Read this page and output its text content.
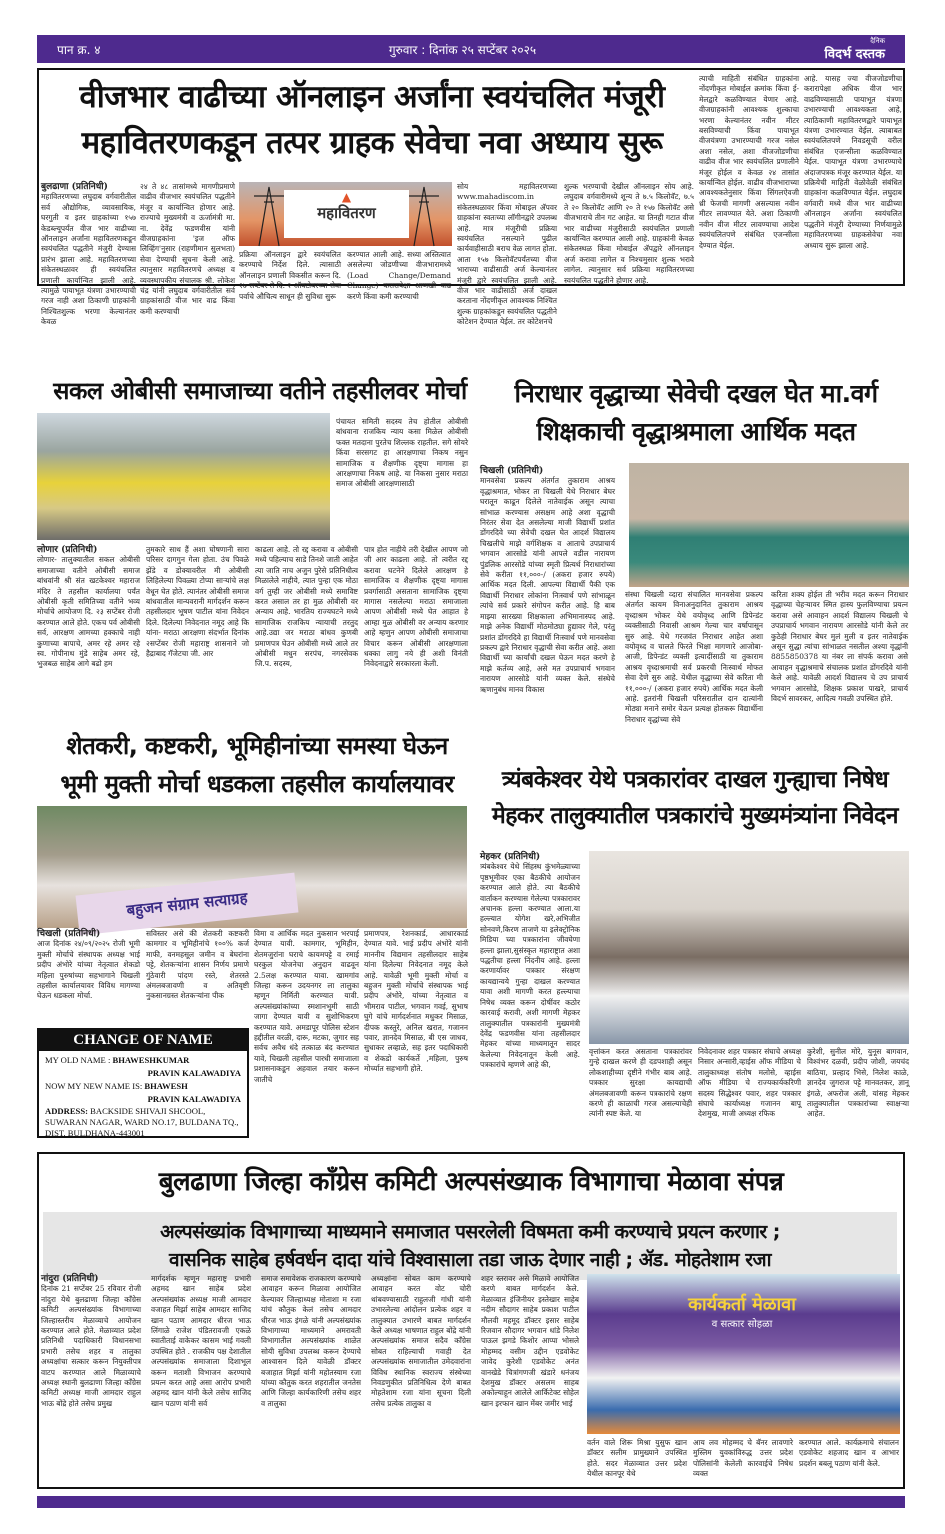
पान क्र. ४	गुरुवार : दिनांक २५ सप्टेंबर २०२५
दैनिक
विदर्भ दस्तक
वीजभार वाढीच्या ऑनलाइन अर्जांना स्वयंचलित मंजूरी
महावितरणकडून तत्पर ग्राहक सेवेचा नवा अध्याय सुरू
बुलढाणा (प्रतिनिधी)
महावितरणच्या लघुदाब वर्गवारीतील सर्व औद्योगिक, व्यावसायिक, घरगुती व इतर ग्राहकांच्या १५७ केडब्ल्यूपर्यंत वीज भार वाढीच्या ऑनलाइन अर्जांना महावितरणकडून स्वयंचलित पद्धतीने मंजुरी देण्यास प्रारंभ झाला आहे. महावितरणच्या संकेतस्थळावर ही स्वयंचलित प्रणाली कार्यान्वित झाली आहे. त्यामुळे पायाभूत यंत्रणा उभारण्याची गरज नाही अशा ठिकाणी ग्राहकांनी निश्चितशुल्क भरणा केल्यानंतर केवळ
२४ ते ४८ तासांमध्ये मागणीप्रमाणे वाढीव वीजभार स्वयंचलित पद्धतीने मंजूर व कार्यान्वित होणार आहे. राज्याचे मुख्यमंत्री व ऊर्जामंत्री मा. ना. देवेंद्र फडणवीस यांनी वीजग्राहकांना 'इज ऑफ लिव्हिंग'नुसार (राहणीमान सुलभता) सेवा देण्याची सूचना केली आहे. त्यानुसार महावितरणचे अध्यक्ष व व्यवस्थापकीय संचालक श्री. लोकेश चंद्र यांनी लघुदाब वर्गवारीतील सर्व ग्राहकांसाठी वीज भार वाढ किंवा कमी करण्याची
▲
महावितरण
प्रक्रिया ऑनलाइन द्वारे स्वयंचलित करण्याचे निर्देश दिले. त्यासाठी ऑनलाइन प्रणाली विकसीत करून दि. १७ सप्टेंबर ते दि. २ ऑक्टोबरच्या सेवा पर्वाचे औचित्य साधून ही सुविधा सुरू
करण्यात आली आहे. सध्या अस्तित्वात असलेल्या जोडणीच्या वीजभारामध्ये (Load Change/Demand Change) करारापेक्षा आणखी वाढ करणे किंवा कमी करण्याची
सोय महावितरणच्या www.mahadiscom.in संकेतस्थळावर किंवा मोबाइल ॲपवर ग्राहकांना स्वतःच्या लॉगीनद्वारे उपलब्ध आहे. मात्र मंजूरीची प्रक्रिया स्वयंचलित नसल्याने पुढील कार्यवाहीसाठी बराच वेळ लागत होता. आता १५७ किलोवॅटपर्यंतच्या वीज भाराच्या वाढीसाठी अर्ज केल्यानंतर मंजूरी द्वारे स्वयंचलित झाली आहे. वीज भार वाढीसाठी अर्ज दाखल करताना नोंदणीकृत आवश्यक निश्चित शुल्क ग्राहकांकडून स्वयंचलित पद्धतीने कोटेशन देण्यात येईल. तर कोटेशनचे
शुल्क भरण्याची देखील ऑनलाइन सोय आहे. लघुदाब वर्गवारीमध्ये शून्य ते ७.५ किलोवॅट, ७.५ ते २० किलोवॅट आणि २० ते १५७ किलोवॅट असे वीजभाराचे तीन गट आहेत. या तिनही गटात वीज भार वाढीच्या मंजुरीसाठी स्वयंचलित प्रणाली कार्यान्वित करण्यात आली आहे. ग्राहकांनी केवळ संकेतस्थळ किंवा मोबाईल ॲपद्वारे ऑनलाइन अर्ज करावा लागेल व निश्चमुसार शुल्क भरावे लागेल. त्यानुसार सर्व प्रक्रिया महावितरणच्या स्वयंचलित पद्धतीने होणार आहे.
त्याची माहिती संबंधित ग्राहकांना नोंदणीकृत मोबाईल क्रमांक किंवा ई-मेलद्वारे कळविण्यात येणार आहे. वीजग्राहकांनी आवश्यक शुल्काचा भरणा केल्यानंतर नवीन मीटर बसविण्याची किंवा पायाभूत वीजयंत्रणा उभारण्याची गरज नसेल अशा नसेल, अशा वीजजोडणीचा वाढीव वीज भार स्वयंचलित प्रणालीने मंजूर होईल व केवळ २४ तासांत कार्यान्वित होईल. वाढीव वीजभाराच्या आवश्यकतेनुसार किंवा सिंगलऐवजी थ्री फेजची मागणी असल्यास नवीन मीटर लावण्यात येते. अशा ठिकाणी नवीन वीज मीटर लावण्याचा आदेश स्वयंचलितपणे संबंधित एजन्सीला देण्यात येईल.
आहे. यासह ज्या वीजजोडणीचा करारापेक्षा अधिक वीज भार वाढविण्यासाठी पायाभूत यंत्रणा उभारण्याची आवश्यकता आहे, त्याठिकाणी महावितरणद्वारे पायाभूत यंत्रणा उभारण्यात येईल. त्याबाबत स्वयंचलितपणे निवडसूची वरील संबंधित एजन्सीला कळविण्यात येईल. पायाभूत यंत्रणा उभारण्याचे अंदाजपत्रक मंजूर करण्यात येईल. या प्रक्रियेची माहिती वेळोवेळी संबंधित ग्राहकांना कळविण्यात येईल. लघुदाब वर्गवारी मध्ये वीज भार वाढीच्या ऑनलाइन अर्जांना स्वयंचलित पद्धतीने मंजूरी देण्याच्या निर्णयामुळे महावितरणच्या ग्राहकसेवेचा नवा अध्याय सुरू झाला आहे.
सकल ओबीसी समाजाच्या वतीने तहसीलवर मोर्चा
पंचायत समिती सदस्य तेच होतील ओबीसी बांधवाना राजकिय न्याय कसा मिळेल ओबीसी फक्त मतदाना पुरतेच शिल्लक राहतील. सगे सोयरे किंवा सरसगट हा आरक्षणाचा निकष नसुन सामाजिक व शैक्षणीक दृष्ट्या मागास हा आरक्षणाचा निकष आहे. या निकसा नुसार मराठा समाज ओबीसी आरक्षणासाठी
लोणार (प्रतिनिधी)
लोणार- तालुक्यातील सकल ओबीसी समाजाच्या वतीने ओबीसी समाज बांधवांनी श्री संत खटकेश्वर महाराज मंदिर ते तहसील कार्यालया पर्यंत ओबीसी कृती समितिच्या वतीने भव्य मोर्चाचे आयोजण दि. २३ सप्टेंबर रोजी करण्यात आले होते. एकच पर्व ओबीसी सर्व, आरक्षण आमच्या हक्काचे नाही कुणाच्या बापाचे, अमर रहे अमर रहे स्व. गोपीनाथ मुंडे साहेब अमर रहे, भुजबळ साहेब आगे बढो हम
तुमकारे साथ हैं अशा घोषणानी सारा परिसर दागगुन गेला होता. उंच पिवळे झेंडे व डोक्यावरील मी ओबीसी लिहिलेल्या पिवळ्या टोप्या साऱ्यांचे लक्ष वेधून घेत होते. त्यानंतर ओबीसी समाज बांधवातील मान्यवरानी मार्गदर्शन करून तहसीलदार भूषण पाटील यांना निवेदन दिले. दिलेल्या निवेदनात नमूद आहे कि यांना- मराठा आरक्षणा संदर्भात दिनांक २सप्टेंबर रोजी महाराष्ट्र शासनाने जो हैद्राबाद गॅजेटचा जी. आर
काढला आहे. तो रद्द करावा व ओबीसी मध्ये पहिल्याच साडे तिनशे जाती आहेत त्या जाति नाच अजुन पुरेसे प्रतिनिधीत्व मिळालेले नाहीये, त्यात पुन्हा एक मोठा वर्ग तुम्ही जर ओबीसी मध्ये समाविष्ट करत असाल तर हा मुळ ओबीसी वर अन्याय आहे. भारतिय राज्यघटने मध्ये सामाजिक राजकिय न्यायाची तरतुद आहे.उद्या जर मराठा बांधव कुणबी प्रमाणपत्र घेउन ओबीसी मध्ये आले तर ओबीसी मधुन सरपंच, नगरसेवक जि.प. सदस्य,
पात्र होत नाहीये तरी देखील आपण जो जी आर काढला आहे. तो त्वरीत रद्द करावा घटनेने दिलेले आरक्षण हे सामाजिक व शैक्षणीक दृष्ट्या मागास प्रवर्गासाठी असताना सामाजिक दृष्ट्या मागास नसलेल्या मराठा समाजाला आपण ओबीसी मध्ये घेत आहात हे आम्हा मुळ ओबीसी वर अन्याय करणार आहे म्हणुन आपण ओबीसी समाजाचा विचार करून ओबीसी आरक्षणाला धक्का लागु नये ही अशी विनंती निवेदनाद्वारे सरकारला केली.
निराधार वृद्धाच्या सेवेची दखल घेत मा.वर्ग
शिक्षकाची वृद्धाश्रमाला आर्थिक मदत
चिखली (प्रतिनिधी)
मानवसेवा प्रकल्प अंतर्गत तुकाराम आश्रय वृद्धाश्रमात, भोकर ता चिखली येथे निराधार बेघर घरातून काढून दिलेले नातेवाईक असून त्याचा सांभाळ करण्यास असक्षम आहे अशा वृद्धाची निरंतर सेवा देत असलेल्या माजी विद्यार्थी प्रशांत डोंगरदिवे च्या सेवेची दखल घेत आदर्श विद्यालय चिखलीचे माझे वर्गशिक्षक व आताचे उपप्राचार्य भगवान आरसोडे यांनी आपले वडील नारायण पुंडलिक आरसोडे यांच्या स्मृती प्रित्यर्थ निराधारांच्या सेवे करीता ११,०००-/ (अकरा हजार रुपये) आर्थिक मदत दिली. आपल्या विद्यार्थी पैकी एक विद्यार्थी निराधार लोकांना निःस्वार्थ पणे सांभाळून त्यांचे सर्व प्रकारे संगोपन करीत आहे. हि बाब माझ्या सारख्या शिक्षकाला अभिमानास्पद आहे. माझे अनेक विद्यार्थी मोठमोठ्या हुद्यावर गेले, परंतु प्रशांत डोंगरदिवे हा विद्यार्थी निःस्वार्थ पणे मानवसेवा प्रकल्प द्वारे निराधार वृद्धाची सेवा करीत आहे. अशा विद्यार्थी च्या कार्यांची दखल घेऊन मदत करणे हे माझे कर्तव्य आहे, असे मत उपप्राचार्य भगवान नारायण आरसोडे यांनी व्यक्त केले. संस्थेचे ऋणानुबंध मानव विकास
संस्था चिखली व्दारा संचालित मानवसेवा प्रकल्प अंतर्गत कायम विनाअनुदानित तुकाराम आश्रय वृध्दाश्रम भोकर येथे वयोवृध्द आणि डिपेन्डंट व्यक्तीसाठी निवासी आश्रम गेल्या चार वर्षापासून सुरु आहे. येथे गरजवंत निराधार आहेत अशा वयोवृध्द व चालते फिरते भिक्षा मागणारे आजोबा-आजी, डिपेन्डंट व्यक्ती इत्यादींसाठी या तुकाराम आश्रय वृध्दाश्रमाची सर्व प्रकरची निःस्वार्थ मोफत सेवा देणे सुरु आहे. येथील वृद्धाच्या सेवे करिता मी ११,०००-/ (अकरा हजार रुपये) आर्थिक मदत केली आहे. इतरांनी चिखली परिसरातील दान दात्यांनी मोठ्या मनाने समोर येऊन प्रत्यक्ष होतकरू विद्यार्थीना निराधार वृद्धांच्या सेवे
करिता शक्य होईल ती भरीव मदत करून निराधार वृद्धाच्या चेहऱ्यावर स्मित हास्य फुलविण्याचा प्रयत्न करावा असे आवाहन आदर्श विद्यालय चिखली चे उपप्राचार्य भगवान नारायण आरसोडे यांनी केले तर कुठेही निराधार बेघर मुलं मुली व इतर नातेवाईक असून सुद्धा त्यांचा सांभाळत नसतील अश्या वृद्धांनी 8855850378 या नंबर ला संपर्क करावा असे आवाहन वृद्धाश्रमाचे संचालक प्रशांत डोंगरदिवे यांनी केले आहे. यावेळी आदर्श विद्यालय चे उप प्राचार्य भगवान आरसोडे, शिक्षक प्रकाश पाखरे, प्राचार्य विदर्भ सावरकर, आदित्य गवळी उपस्थित होते.
शेतकरी, कष्टकरी, भूमिहीनांच्या समस्या घेऊन
भूमी मुक्ती मोर्चा धडकला तहसील कार्यालयावर
बहुजन संग्राम सत्याग्रह
चिखली (प्रतिनिधी)
आज दिनांक २४/०९/२०२५ रोजी भूमी मुक्ती मोर्चाचे संस्थापक अध्यक्ष भाई प्रदीप अंभोरे यांच्या नेतृत्वात शेकडो महिला पुरुषांच्या सहभागाने चिखली तहसील कार्यालयावर विविध मागण्या घेऊन धडकला मोर्चा.
सविस्तर असे की शेतकरी कष्टकरी कामगार व भूमिहीनांचे १००% कर्ज माफी, वनमहसूल जमीन व बेघरांना पट्टे, शेतकऱ्यांना शासन निर्णय प्रमाणे गुंठेवारी पांदण रस्ते, शेतरस्ते अंमलबजावणी व अतिवृष्टी नुकसानग्रस्त शेतकऱ्यांना पीक
विमा व आर्थिक मदत नुकसान भरपाई देण्यात यावी. कामगार, भूमिहीन, शेतमजुरांना घराचे कायमपट्टे व रमाई घरकुल योजनेचा अनुदान वाढवून 2.5लक्ष करण्यात यावा. खामगांव जिल्हा करून उदयनगर ला तालुका म्हणून निर्मिती करण्यात यावी. अल्पसंख्यांकांच्या स्मशानभूमी साठी जागा देण्यात यावी व सुशोभिकरण करण्यात यावे. अमडापूर पोलिस स्टेशन हद्दीतील वरळी, दारू, मटका, जुगार सह सर्वच अवैध धंदे तत्काळ बंद करण्यात यावे, चिखली तहसील पारधी समाजाला प्रशासनाकडून अहवाल तयार करून जातीचे
प्रमाणपत्र, रेशनकार्ड, आधारकार्ड देण्यात यावे. भाई प्रदीप अंभोरे यांनी माननीय विद्यमान तहसीलदार साहेब यांना दिलेल्या निवेदनात नमूद केले आहे. यावेळी भूमी मुक्ती मोर्चा व बहुजन मुक्ती मोर्चाचे संस्थापक भाई प्रदीप अंभोरे, यांच्या नेतृत्वात व भीमराव पाटील, भगवान गवई, सुभाष घुगे यांचे मार्गदर्शनात मधुकर मिसाळ, दीपक कस्तुरे, अनिल खरात, गजानन पवार, ज्ञानदेव मिसाळ, बी एस जाधव, सुधाकर लव्हाळे, सह इतर पदाधिकारी व शेकडो कार्यकर्ते ,महिला, पुरुष मोर्च्यात सहभागी होते.
CHANGE OF NAME
MY OLD NAME : BHAWESHKUMAR
PRAVIN KALAWADIYA
NOW MY NEW NAME IS: BHAWESH
PRAVIN KALAWADIYA
ADDRESS: BACKSIDE SHIVAJI SHCOOL, SUWARAN NAGAR, WARD NO.17, BULDANA TQ., DIST. BULDHANA-443001
त्र्यंबकेश्वर येथे पत्रकारांवर दाखल गुन्ह्याचा निषेध
मेहकर तालुक्यातील पत्रकारांचे मुख्यमंत्र्यांना निवेदन
मेहकर (प्रतिनिधी)
त्र्यंबकेश्वर येथे सिंहस्थ कुंभमेळ्याच्या पृष्ठभूमीवर एका बैठकीचे आयोजन करण्यात आले होते. त्या बैठकीचे वार्तांकन करण्यास गेलेल्या पत्रकारावर अचानक हल्ला करण्यात आला.या हल्ल्यात योगेश खरे,अभिजीत सोनवणे,किरण ताजणे या इलेक्ट्रोनिक मिडिया च्या पत्रकारांना जीवघेणा हल्ला झाला,सुसंस्कृत महाराष्ट्रात अशा पद्धतीचा हल्ला निंदनीय आहे. हल्ला करणार्यावर पत्रकार संरक्षण कायद्यान्वये गुन्हा दाखल करण्यात यावा अशी मागणी करत हल्ल्याचा निषेध व्यक्त करून दोषींवर कठोर कारवाई करावी, अशी मागणी मेहकर तालुक्यातील पत्रकारांनी मुख्यमंत्री देवेंद्र फडणवीस यांना तहसीलदार मेहकर यांच्या माध्यमातून सादर केलेल्या निवेदनातून केली आहे. पत्रकारांचे म्हणणे आहे की,
वृत्तांकन करत असताना पत्रकारांवर गुन्हे दाखल करणे ही दडपशाही असून लोकशाहीच्या दृष्टीने गंभीर बाब आहे. पत्रकार सुरक्षा कायद्याची अंमलबजावणी करून पत्रकारांचे रक्षण करणे ही काळाची गरज असल्याचेही त्यांनी स्पष्ट केले. या
निवेदनावर शहर पत्रकार संघाचे अध्यक्ष निसार अन्सारी,व्हाईस ऑफ मीडिया चे तालुकाध्यक्ष संतोष मलोसे, व्हाईस ऑफ मीडिया चे राज्यकार्यकरिणी सदस्य सिद्धेश्वर पवार, शहर पत्रकार संघाचे कार्याध्यक्ष गजानन बापू देशमुख, माजी अध्यक्ष रफिक
कुरेशी, सुनील मोरे, युनूस बागवान, विश्वंभर दळवी, प्रदीप जोशी, जयचंद बाठिया, प्रल्हाद भिसे, निलेश काळे, ज्ञानदेव जुगराज पट्टे मानवतकर, ज्ञानू इंगळे, अफरोज अली, यांसह मेहकर तालुक्यातील पत्रकारांच्या स्वाक्षऱ्या आहेत.
बुलढाणा जिल्हा कॉंग्रेस कमिटी अल्पसंख्याक विभागाचा मेळावा संपन्न
अल्पसंख्यांक विभागाच्या माध्यमाने समाजात पसरलेली विषमता कमी करण्याचे प्रयत्न करणार ;
वासनिक साहेब हर्षवर्धन दादा यांचे विश्वासाला तडा जाऊ देणार नाही ; ॲड. मोहतेशाम रजा
नांदुरा (प्रतिनिधी)
दिनांक 21 सप्टेंबर 25 रविवार रोजी नांदुरा येथे बुलढाणा जिल्हा कॉंग्रेस कमिटी अल्पसंख्यांक विभागाच्या जिल्हास्तरीय मेळाव्याचे आयोजन करण्यात आले होते. मेळाव्यात प्रदेश प्रतिनिधी पदाधिकारी विधानसभा प्रभारी तसेच शहर व तालुका अध्यक्षांचा सत्कार करून नियुक्तीपत्र वाटप करण्यात आले मिळाव्याचे अध्यक्ष स्थानी बुलढाणा जिल्हा कॉंग्रेस कमिटी अध्यक्ष माजी आमदार राहुल भाऊ बोंद्रे होते तसेच प्रमुख
मार्गदर्शक म्हणून महाराष्ट्र प्रभारी अहमद खान साहेब प्रदेश अल्पसंख्यांक अध्यक्ष माजी आमदार वजाहत मिर्झा साहेब आमदार साजिद खान पठाण आमदार धीरज भाऊ लिंगाळे राजेश पंडितरावजी एकळे स्वातीताई वाकेकर कासम भाई गवली उपस्थित होते . राजकीय पक्ष देशातील अल्पसंख्यांक समाजाला दिशाभूल करून मताशी विभाजन करण्याचे प्रयत्न करत आहे असा आरोप प्रभारी अहमद खान यांनी केले तसेच साजिद खान पठाण यांनी सर्व
समाज समावेशक राजकारण करण्याचे आवाहन करून मिळावा आयोजित केल्यावर जिल्हाध्यक्ष मोताशा म रजा यांचं कौतुक केलं तसेच आमदार धीरज भाऊ इंगळे यांनी अल्पसंख्यांक विभागाच्या माध्यमाने अमरावती विभागातील अल्पसंख्यांक शाळेत सोयी सुविधा उपलब्ध करून देण्याचे आश्वासन दिले यावेळी डॉक्टर बजाहात मिर्झा यांनी महोतस्याम रजा यांच्या कौतुक करत शहरातील जनतेस आणि जिल्हा कार्यकारिणी तसेच शहर व तालुका
अध्यक्षांना सोबत काम करण्याचे आवाहन करत वोट चोरी थांबवण्यासाठी राहुलजी गांधी यांनी उभारलेल्या आंदोलन प्रत्येक शहर व तालुक्यात उभारणे बाबत मार्गदर्शन केले अध्यक्ष भाषणात राहुल बोंद्रे यांनी अल्पसंख्यांक समाज सदैव कॉंग्रेस सोबत राहिल्याची गवाही देत अल्पसंख्यांक समाजातील उमेदवारांना विविध स्थानिक स्वराज्य संस्थेच्या निवडणुकीत प्रतिनिधित्व देणे बाबत मोहतेशाम रजा यांना सूचना दिली तसेच प्रत्येक तालुका व
शहर स्तरावर असे मिळावे आयोजित करणे बाबत मार्गदर्शन केले. मेळाव्यात इंजिनीयर इस्तेखार साहेब नदीम सौदागर साहेब प्रकाश पाटील मौलवी महमूद डॉक्टर इसार साहेब रिजवान सौदागर भगवान धांडे निलेश पाऊल झगडे किशोर आप्पा भोसले मोहम्मद वसीम उद्दीन एडवोकेट जावेद कुरेशी एडवोकेट अनंत वानखेडे चित्रांगणजी खंडारे धनंजय देशमुख डॉक्टर असलम साहब अकोल्याहून आलेले आर्किटेक्ट सोहेल खान इरफान खान मेंबर जमीर भाई
कार्यकर्ता मेळावा
व सत्कार सोहळा
वर्तन वाले शिरू मिश्रा युसुफ खान डॉक्टर सलीम प्रामुख्याने उपस्थित होते. सदर मेळाव्यात उत्तर प्रदेश येथील कानपूर येथे
आय लव मोहम्मद चे बॅनर लावणारे मुस्लिम युवकांविरुद्ध उत्तर प्रदेश पोलिसांनी केलेली कारवाईचे निषेध व्यक्त
करण्यात आले. कार्यक्रमाचे संचालन एडवोकेट शहजाद खान व आभार प्रदर्शन बबलू पठाण यांनी केले.
